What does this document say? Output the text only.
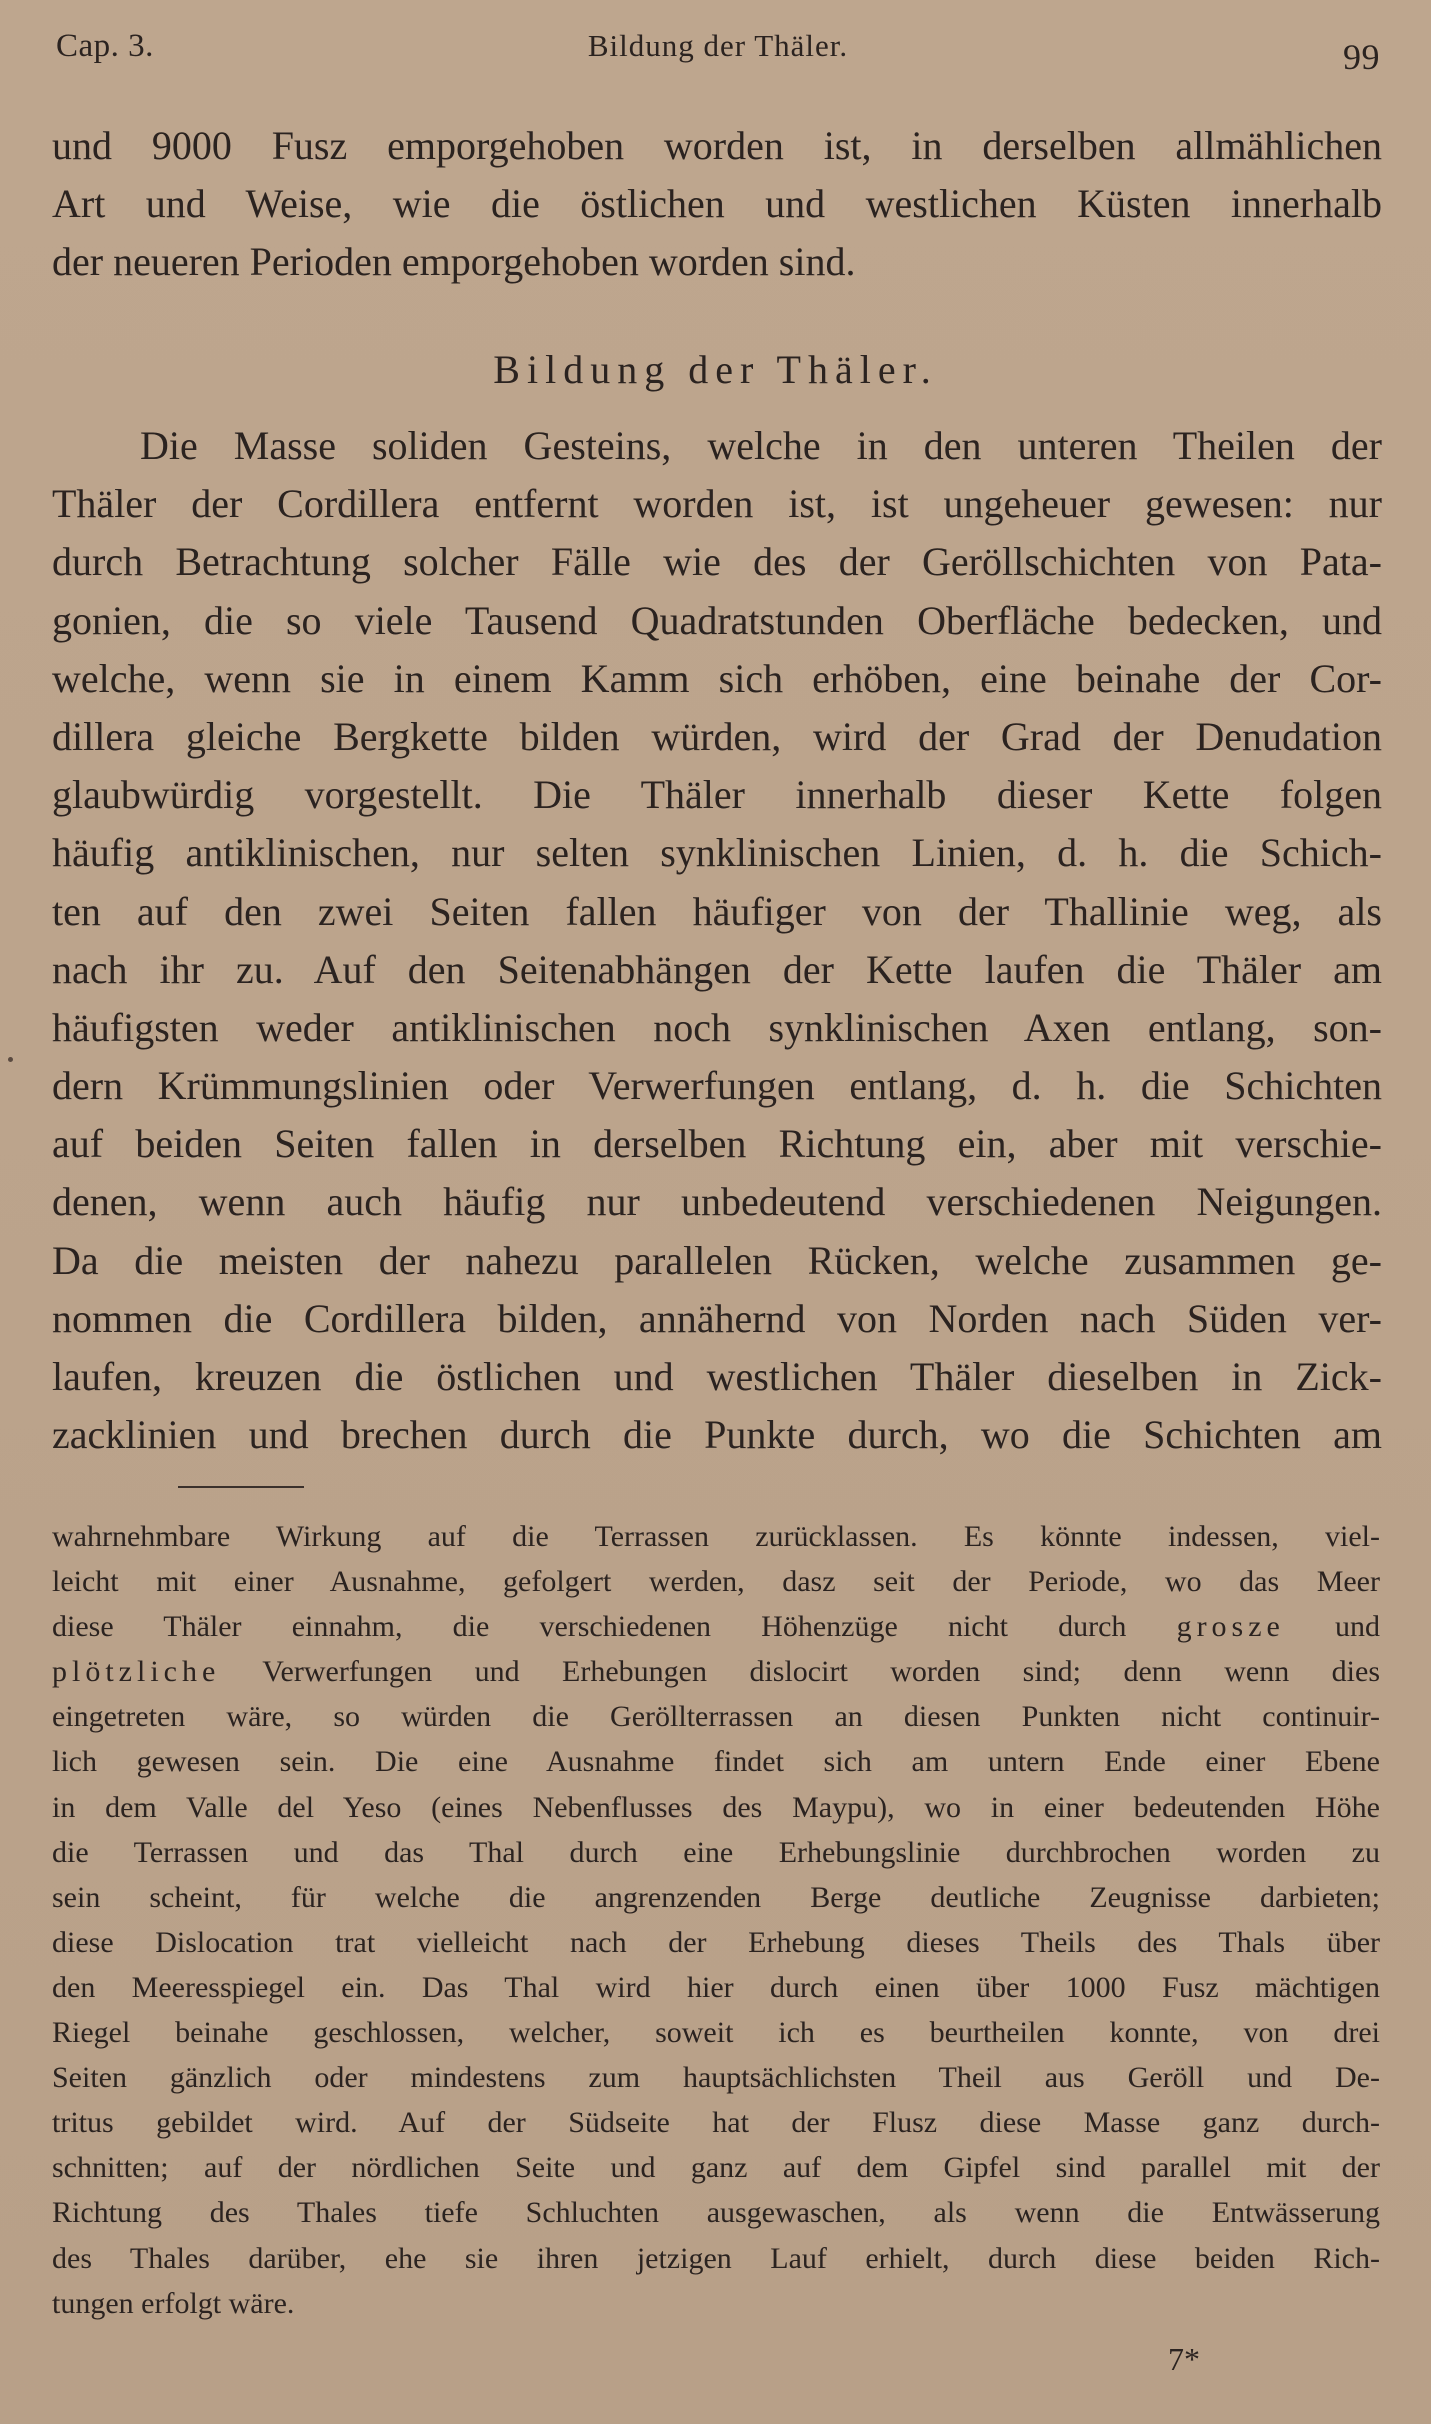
Cap. 3.	Bildung der Thäler.	99
und 9000 Fusz emporgehoben worden ist, in derselben allmählichen
Art und Weise, wie die östlichen und westlichen Küsten innerhalb
der neueren Perioden emporgehoben worden sind.
Bildung der Thäler.
Die Masse soliden Gesteins, welche in den unteren Theilen der
Thäler der Cordillera entfernt worden ist, ist ungeheuer gewesen: nur
durch Betrachtung solcher Fälle wie des der Geröllschichten von Pata-
gonien, die so viele Tausend Quadratstunden Oberfläche bedecken, und
welche, wenn sie in einem Kamm sich erhöben, eine beinahe der Cor-
dillera gleiche Bergkette bilden würden, wird der Grad der Denudation
glaubwürdig vorgestellt. Die Thäler innerhalb dieser Kette folgen
häufig antiklinischen, nur selten synklinischen Linien, d. h. die Schich-
ten auf den zwei Seiten fallen häufiger von der Thallinie weg, als
nach ihr zu. Auf den Seitenabhängen der Kette laufen die Thäler am
häufigsten weder antiklinischen noch synklinischen Axen entlang, son-
dern Krümmungslinien oder Verwerfungen entlang, d. h. die Schichten
auf beiden Seiten fallen in derselben Richtung ein, aber mit verschie-
denen, wenn auch häufig nur unbedeutend verschiedenen Neigungen.
Da die meisten der nahezu parallelen Rücken, welche zusammen ge-
nommen die Cordillera bilden, annähernd von Norden nach Süden ver-
laufen, kreuzen die östlichen und westlichen Thäler dieselben in Zick-
zacklinien und brechen durch die Punkte durch, wo die Schichten am
wahrnehmbare Wirkung auf die Terrassen zurücklassen. Es könnte indessen, viel-
leicht mit einer Ausnahme, gefolgert werden, dasz seit der Periode, wo das Meer
diese Thäler einnahm, die verschiedenen Höhenzüge nicht durch grosze und
plötzliche Verwerfungen und Erhebungen dislocirt worden sind; denn wenn dies
eingetreten wäre, so würden die Geröllterrassen an diesen Punkten nicht continuir-
lich gewesen sein. Die eine Ausnahme findet sich am untern Ende einer Ebene
in dem Valle del Yeso (eines Nebenflusses des Maypu), wo in einer bedeutenden Höhe
die Terrassen und das Thal durch eine Erhebungslinie durchbrochen worden zu
sein scheint, für welche die angrenzenden Berge deutliche Zeugnisse darbieten;
diese Dislocation trat vielleicht nach der Erhebung dieses Theils des Thals über
den Meeresspiegel ein. Das Thal wird hier durch einen über 1000 Fusz mächtigen
Riegel beinahe geschlossen, welcher, soweit ich es beurtheilen konnte, von drei
Seiten gänzlich oder mindestens zum hauptsächlichsten Theil aus Geröll und De-
tritus gebildet wird. Auf der Südseite hat der Flusz diese Masse ganz durch-
schnitten; auf der nördlichen Seite und ganz auf dem Gipfel sind parallel mit der
Richtung des Thales tiefe Schluchten ausgewaschen, als wenn die Entwässerung
des Thales darüber, ehe sie ihren jetzigen Lauf erhielt, durch diese beiden Rich-
tungen erfolgt wäre.
7*
